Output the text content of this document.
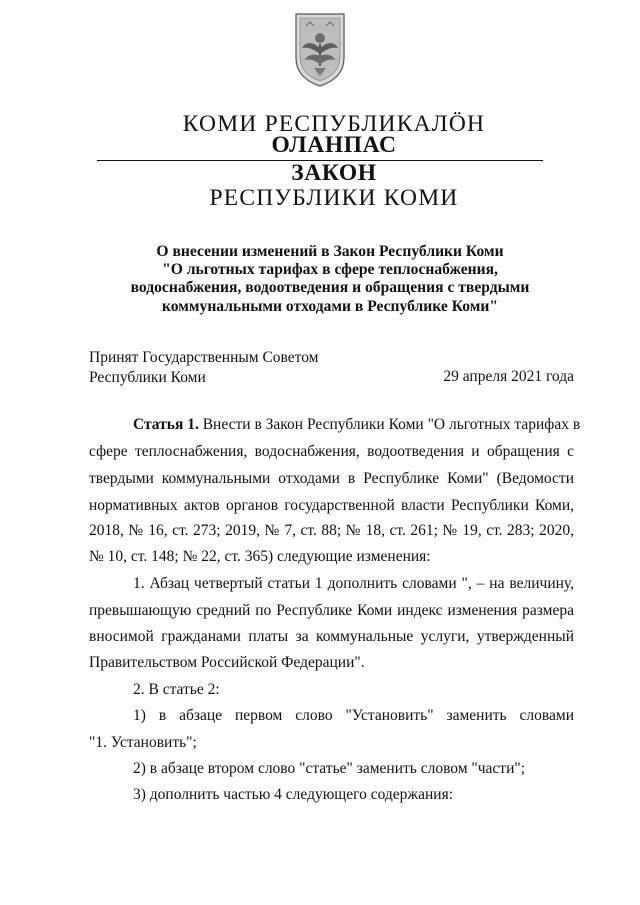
КОМИ РЕСПУБЛИКАЛӦН
ОЛАНПАС
ЗАКОН
РЕСПУБЛИКИ КОМИ
О внесении изменений в Закон Республики Коми
"О льготных тарифах в сфере теплоснабжения,
водоснабжения, водоотведения и обращения с твердыми
коммунальными отходами в Республике Коми"
Принят Государственным Советом
Республики Коми	29 апреля 2021 года
Статья 1. Внести в Закон Республики Коми "О льготных тарифах в
сфере теплоснабжения, водоснабжения, водоотведения и обращения с
твердыми коммунальными отходами в Республике Коми" (Ведомости
нормативных актов органов государственной власти Республики Коми,
2018, № 16, ст. 273; 2019, № 7, ст. 88; № 18, ст. 261; № 19, ст. 283; 2020,
№ 10, ст. 148; № 22, ст. 365) следующие изменения:
1. Абзац четвертый статьи 1 дополнить словами ", – на величину,
превышающую средний по Республике Коми индекс изменения размера
вносимой гражданами платы за коммунальные услуги, утвержденный
Правительством Российской Федерации".
2. В статье 2:
1) в абзаце первом слово "Установить" заменить словами
"1. Установить";
2) в абзаце втором слово "статье" заменить словом "части";
3) дополнить частью 4 следующего содержания:
